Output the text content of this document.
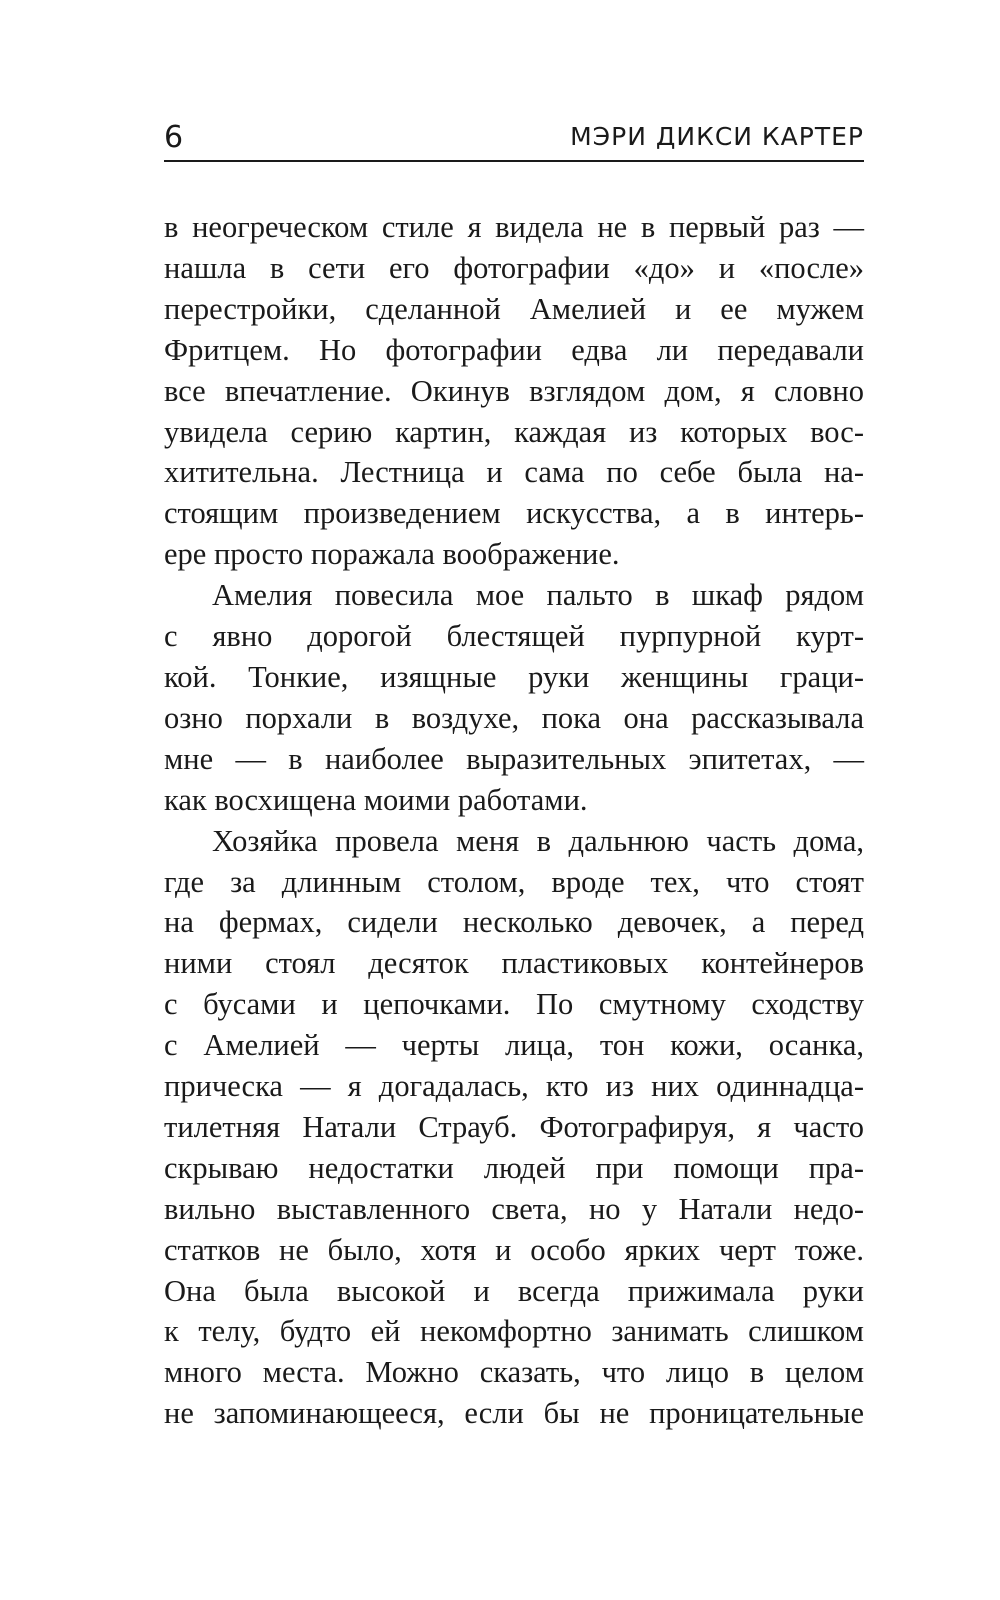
6	МЭРИ ДИКСИ КАРТЕР
в неогреческом стиле я видела не в первый раз —
нашла в сети его фотографии «до» и «после»
перестройки, сделанной Амелией и ее мужем
Фритцем. Но фотографии едва ли передавали
все впечатление. Окинув взглядом дом, я словно
увидела серию картин, каждая из которых вос-
хитительна. Лестница и сама по себе была на-
стоящим произведением искусства, а в интерь-
ере просто поражала воображение.
Амелия повесила мое пальто в шкаф рядом
с явно дорогой блестящей пурпурной курт-
кой. Тонкие, изящные руки женщины граци-
озно порхали в воздухе, пока она рассказывала
мне — в наиболее выразительных эпитетах, —
как восхищена моими работами.
Хозяйка провела меня в дальнюю часть дома,
где за длинным столом, вроде тех, что стоят
на фермах, сидели несколько девочек, а перед
ними стоял десяток пластиковых контейнеров
с бусами и цепочками. По смутному сходству
с Амелией — черты лица, тон кожи, осанка,
прическа — я догадалась, кто из них одиннадца-
тилетняя Натали Страуб. Фотографируя, я часто
скрываю недостатки людей при помощи пра-
вильно выставленного света, но у Натали недо-
статков не было, хотя и особо ярких черт тоже.
Она была высокой и всегда прижимала руки
к телу, будто ей некомфортно занимать слишком
много места. Можно сказать, что лицо в целом
не запоминающееся, если бы не проницательные
